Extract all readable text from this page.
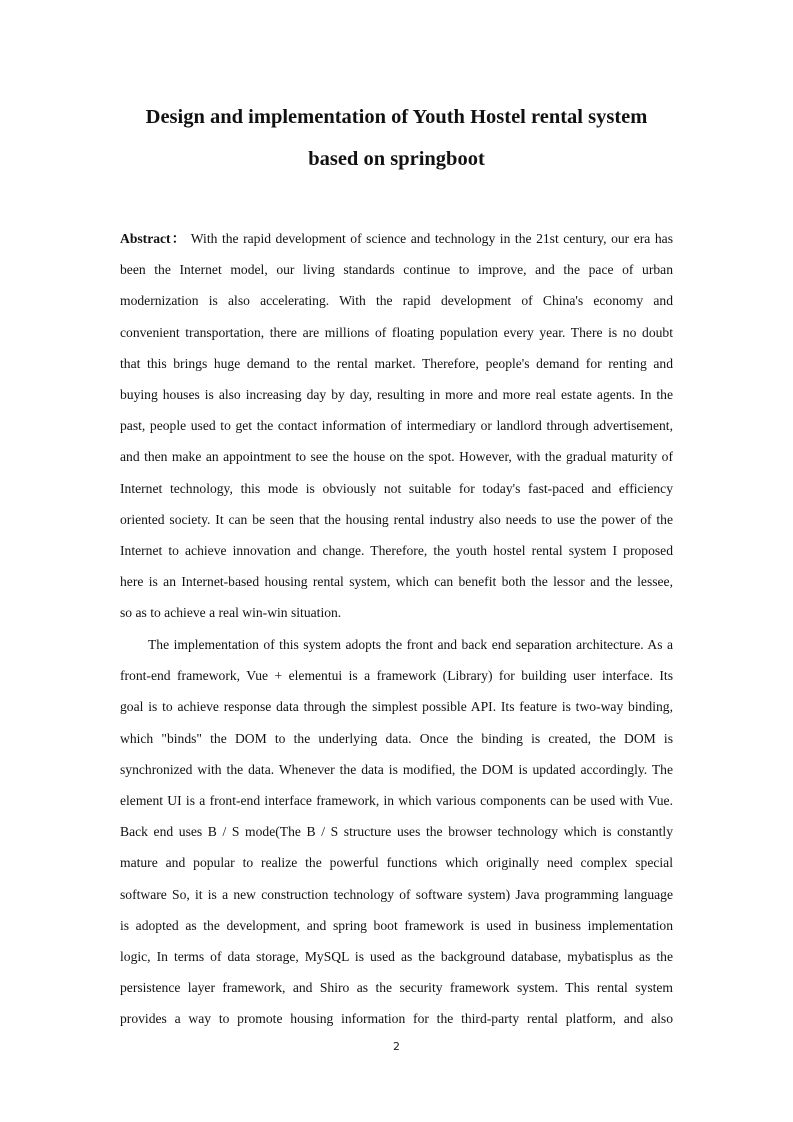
Design and implementation of Youth Hostel rental system
based on springboot
Abstract： With the rapid development of science and technology in the 21st century, our era has
been the Internet model, our living standards continue to improve, and the pace of urban
modernization is also accelerating. With the rapid development of China's economy and
convenient transportation, there are millions of floating population every year. There is no doubt
that this brings huge demand to the rental market. Therefore, people's demand for renting and
buying houses is also increasing day by day, resulting in more and more real estate agents. In the
past, people used to get the contact information of intermediary or landlord through advertisement,
and then make an appointment to see the house on the spot. However, with the gradual maturity of
Internet technology, this mode is obviously not suitable for today's fast-paced and efficiency
oriented society. It can be seen that the housing rental industry also needs to use the power of the
Internet to achieve innovation and change. Therefore, the youth hostel rental system I proposed
here is an Internet-based housing rental system, which can benefit both the lessor and the lessee,
so as to achieve a real win-win situation.
The implementation of this system adopts the front and back end separation architecture. As a
front-end framework, Vue + elementui is a framework (Library) for building user interface. Its
goal is to achieve response data through the simplest possible API. Its feature is two-way binding,
which "binds" the DOM to the underlying data. Once the binding is created, the DOM is
synchronized with the data. Whenever the data is modified, the DOM is updated accordingly. The
element UI is a front-end interface framework, in which various components can be used with Vue.
Back end uses B / S mode(The B / S structure uses the browser technology which is constantly
mature and popular to realize the powerful functions which originally need complex special
software So, it is a new construction technology of software system) Java programming language
is adopted as the development, and spring boot framework is used in business implementation
logic, In terms of data storage, MySQL is used as the background database, mybatisplus as the
persistence layer framework, and Shiro as the security framework system. This rental system
provides a way to promote housing information for the third-party rental platform, and also
2
